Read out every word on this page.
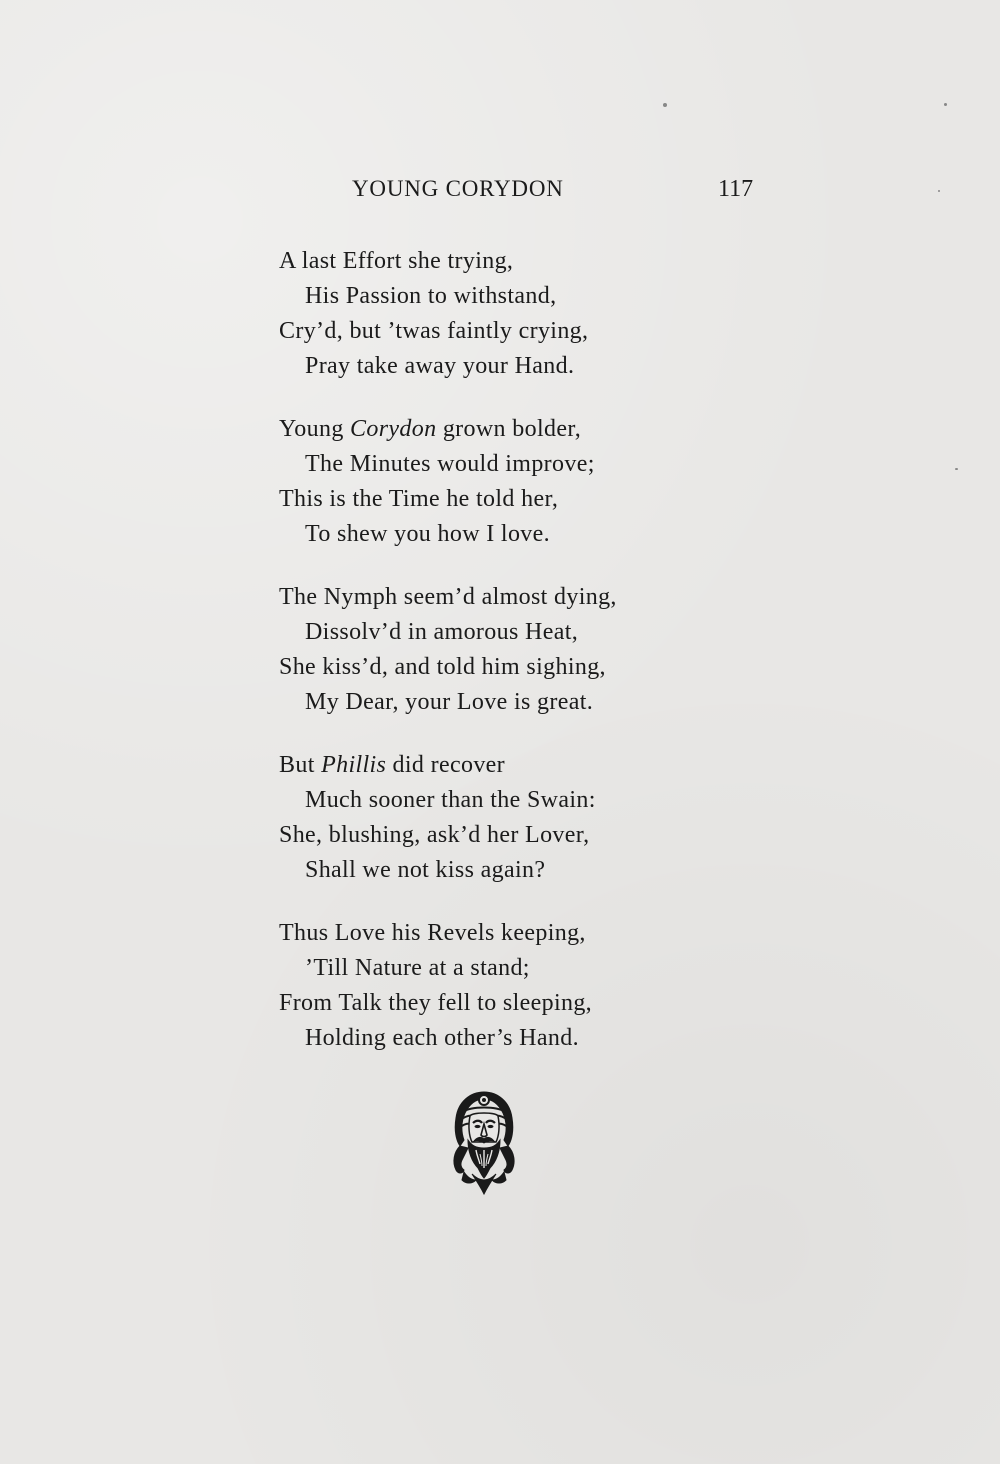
YOUNG CORYDON	117
A last Effort she trying,
His Passion to withstand,
Cry’d, but ’twas faintly crying,
Pray take away your Hand.
Young Corydon grown bolder,
The Minutes would improve;
This is the Time he told her,
To shew you how I love.
The Nymph seem’d almost dying,
Dissolv’d in amorous Heat,
She kiss’d, and told him sighing,
My Dear, your Love is great.
But Phillis did recover
Much sooner than the Swain:
She, blushing, ask’d her Lover,
Shall we not kiss again?
Thus Love his Revels keeping,
’Till Nature at a stand;
From Talk they fell to sleeping,
Holding each other’s Hand.
